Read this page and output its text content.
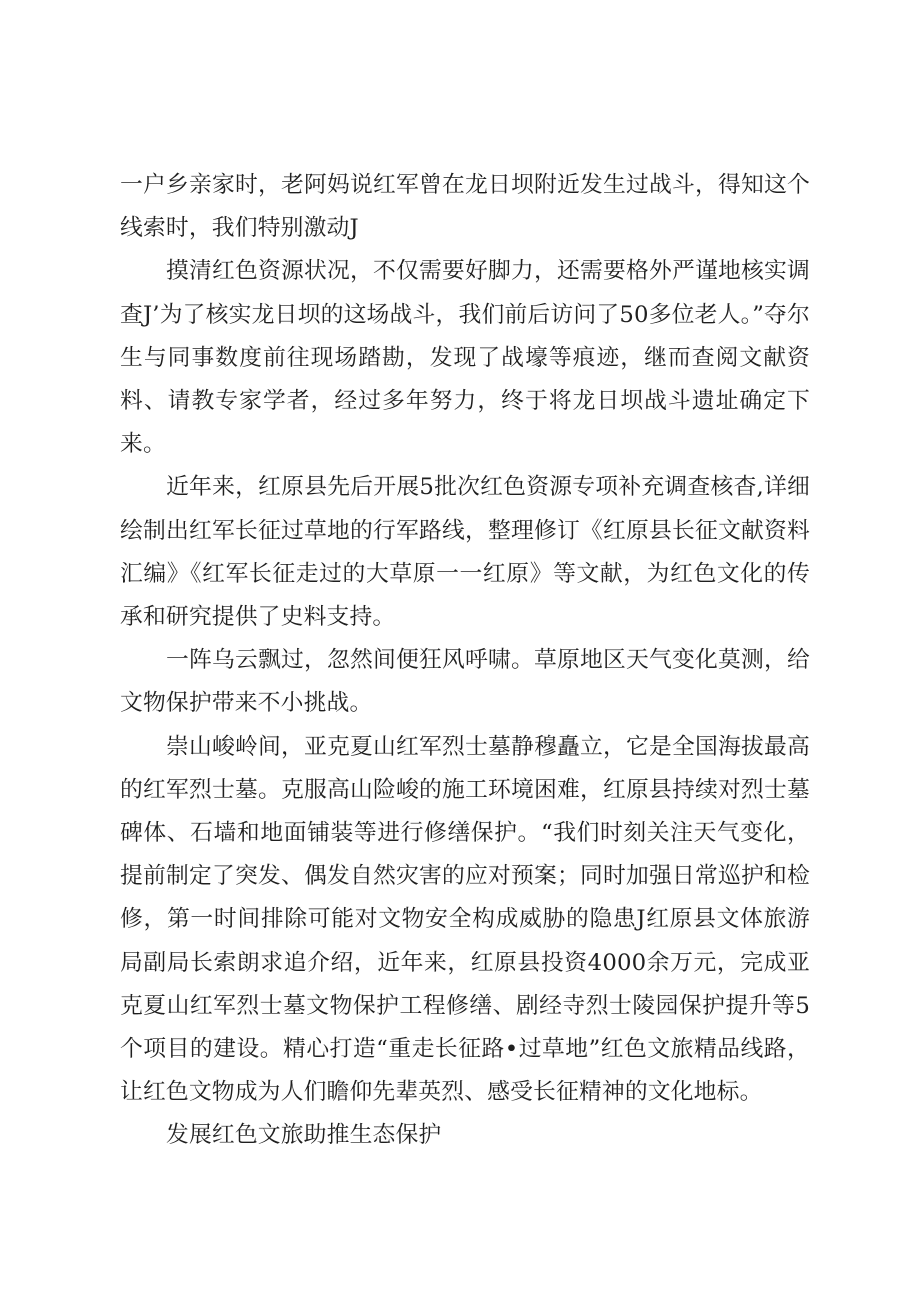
一户乡亲家时，老阿妈说红军曾在龙日坝附近发生过战斗，得知这个线索时，我们特别激动J

摸清红色资源状况，不仅需要好脚力，还需要格外严谨地核实调查J’为了核实龙日坝的这场战斗，我们前后访问了50多位老人。”夺尔生与同事数度前往现场踏勘，发现了战壕等痕迹，继而查阅文献资料、请教专家学者，经过多年努力，终于将龙日坝战斗遗址确定下来。

近年来，红原县先后开展5批次红色资源专项补充调查核杳,详细绘制出红军长征过草地的行军路线，整理修订《红原县长征文献资料汇编》《红军长征走过的大草原一一红原》等文献，为红色文化的传承和研究提供了史料支持。

一阵乌云飘过，忽然间便狂风呼啸。草原地区天气变化莫测，给文物保护带来不小挑战。

崇山峻岭间，亚克夏山红军烈士墓静穆矗立，它是全国海拔最高的红军烈士墓。克服高山险峻的施工环境困难，红原县持续对烈士墓碑体、石墙和地面铺装等进行修缮保护。“我们时刻关注天气变化，提前制定了突发、偶发自然灾害的应对预案；同时加强日常巡护和检修，第一时间排除可能对文物安全构成威胁的隐患J红原县文体旅游局副局长索朗求追介绍，近年来，红原县投资4000余万元，完成亚克夏山红军烈士墓文物保护工程修缮、剧经寺烈士陵园保护提升等5个项目的建设。精心打造“重走长征路•过草地”红色文旅精品线路，让红色文物成为人们瞻仰先辈英烈、感受长征精神的文化地标。

发展红色文旅助推生态保护
